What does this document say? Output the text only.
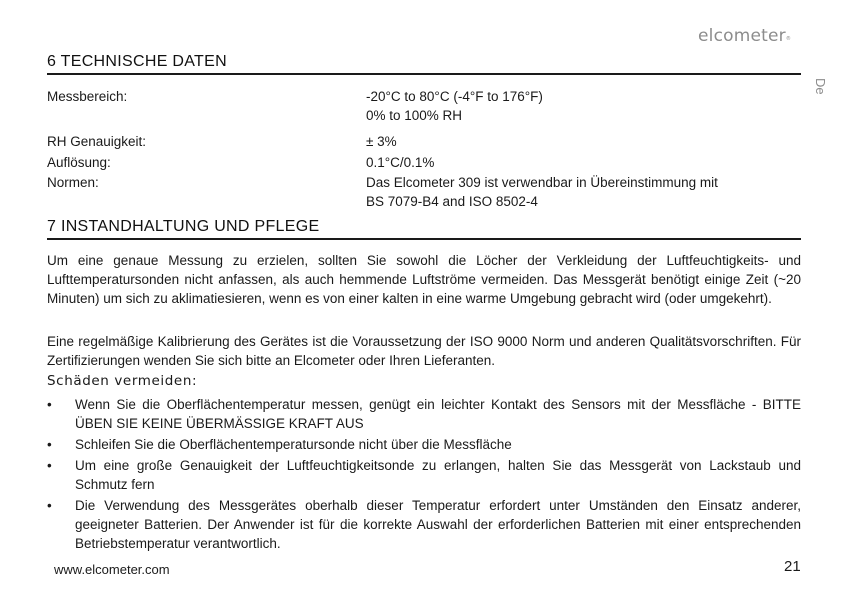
elcometer®
De
6 TECHNISCHE DATEN
Messbereich:	-20°C to 80°C (-4°F to 176°F)
0% to 100% RH
RH Genauigkeit:	± 3%
Auflösung:	0.1°C/0.1%
Normen:	Das Elcometer 309 ist verwendbar in Übereinstimmung mit
BS 7079-B4 and ISO 8502-4
7 INSTANDHALTUNG UND PFLEGE
Um eine genaue Messung zu erzielen, sollten Sie sowohl die Löcher der Verkleidung der Luftfeuchtigkeits- und Lufttemperatursonden nicht anfassen, als auch hemmende Luftströme vermeiden. Das Messgerät benötigt einige Zeit (~20 Minuten) um sich zu aklimatiesieren, wenn es von einer kalten in eine warme Umgebung gebracht wird (oder umgekehrt).
Eine regelmäßige Kalibrierung des Gerätes ist die Voraussetzung der ISO 9000 Norm und anderen Qualitätsvorschriften. Für Zertifizierungen wenden Sie sich bitte an Elcometer oder Ihren Lieferanten.
Schäden vermeiden:
• Wenn Sie die Oberflächentemperatur messen, genügt ein leichter Kontakt des Sensors mit der Messfläche - BITTE ÜBEN SIE KEINE ÜBERMÄSSIGE KRAFT AUS
• Schleifen Sie die Oberflächentemperatursonde nicht über die Messfläche
• Um eine große Genauigkeit der Luftfeuchtigkeitsonde zu erlangen, halten Sie das Messgerät von Lackstaub und Schmutz fern
• Die Verwendung des Messgerätes oberhalb dieser Temperatur erfordert unter Umständen den Einsatz anderer, geeigneter Batterien. Der Anwender ist für die korrekte Auswahl der erforderlichen Batterien mit einer entsprechenden Betriebstemperatur verantwortlich.
www.elcometer.com	21
